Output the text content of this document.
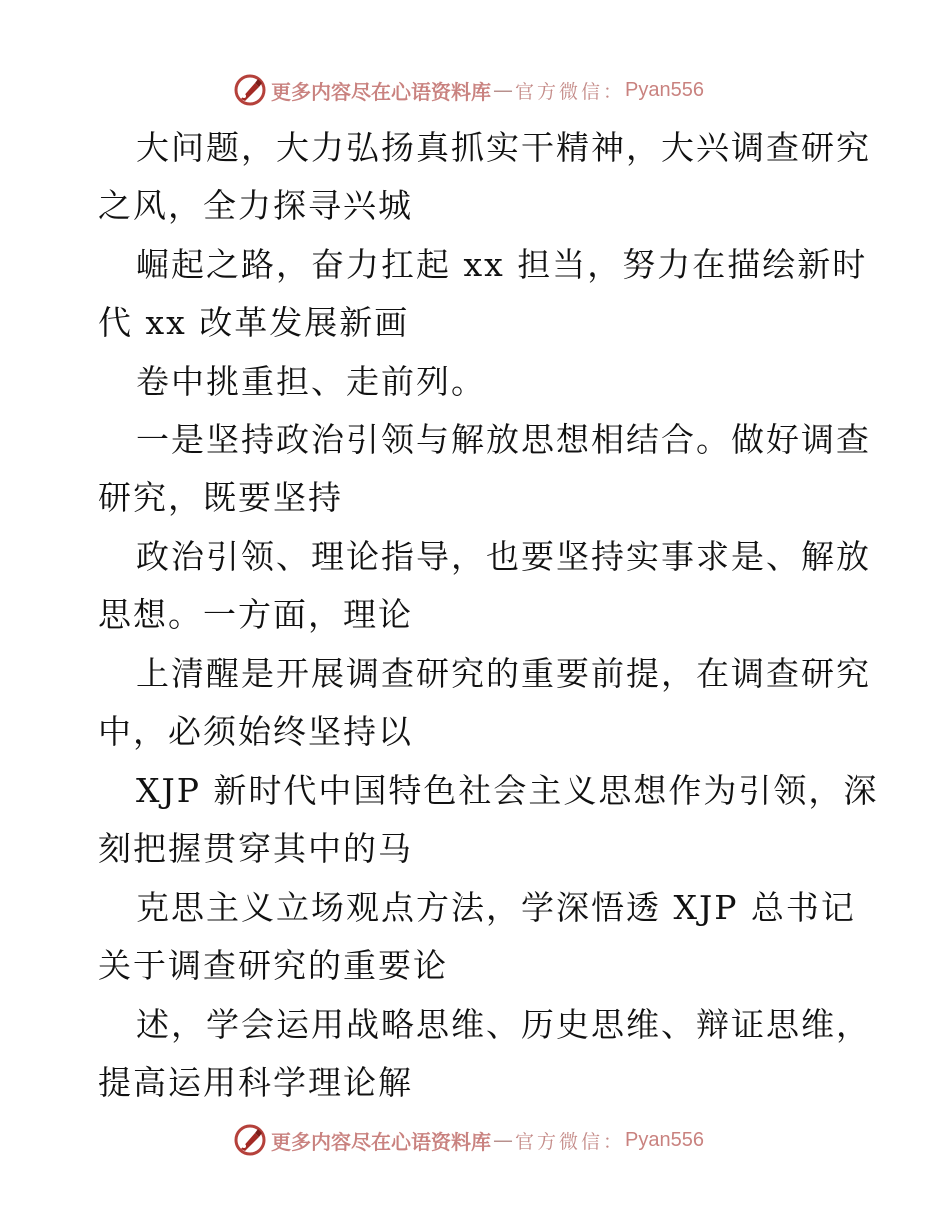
更多内容尽在心语资料库 — 官方微信： Pyan556
大问题，大力弘扬真抓实干精神，大兴调查研究
之风，全力探寻兴城
崛起之路，奋力扛起 xx 担当，努力在描绘新时
代 xx 改革发展新画
卷中挑重担、走前列。
一是坚持政治引领与解放思想相结合。做好调查
研究，既要坚持
政治引领、理论指导，也要坚持实事求是、解放
思想。一方面，理论
上清醒是开展调查研究的重要前提，在调查研究
中，必须始终坚持以
XJP 新时代中国特色社会主义思想作为引领，深
刻把握贯穿其中的马
克思主义立场观点方法，学深悟透 XJP 总书记
关于调查研究的重要论
述，学会运用战略思维、历史思维、辩证思维，
提高运用科学理论解
更多内容尽在心语资料库 — 官方微信： Pyan556
